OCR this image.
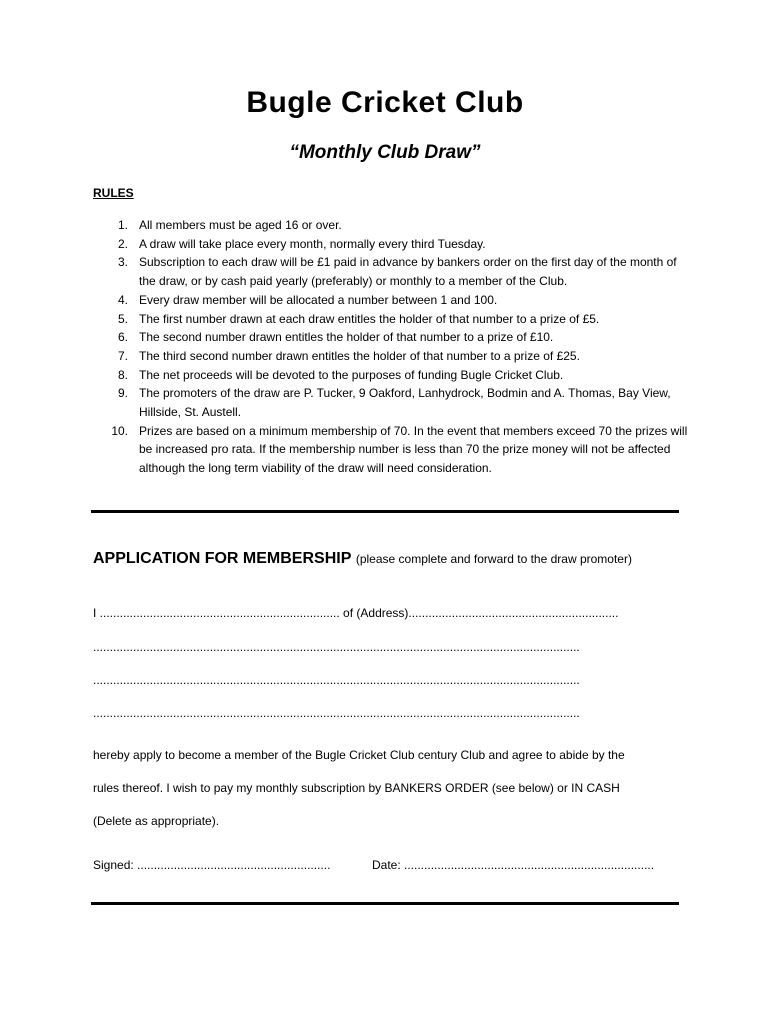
Bugle Cricket Club
“Monthly Club Draw”

RULES

1. All members must be aged 16 or over.
2. A draw will take place every month, normally every third Tuesday.
3. Subscription to each draw will be £1 paid in advance by bankers order on the first day of the month of the draw, or by cash paid yearly (preferably) or monthly to a member of the Club.
4. Every draw member will be allocated a number between 1 and 100.
5. The first number drawn at each draw entitles the holder of that number to a prize of £5.
6. The second number drawn entitles the holder of that number to a prize of £10.
7. The third second number drawn entitles the holder of that number to a prize of £25.
8. The net proceeds will be devoted to the purposes of funding Bugle Cricket Club.
9. The promoters of the draw are P. Tucker, 9 Oakford, Lanhydrock, Bodmin and A. Thomas, Bay View, Hillside, St. Austell.
10. Prizes are based on a minimum membership of 70. In the event that members exceed 70 the prizes will be increased pro rata. If the membership number is less than 70 the prize money will not be affected although the long term viability of the draw will need consideration.

APPLICATION FOR MEMBERSHIP (please complete and forward to the draw promoter)

I ........................................................................ of (Address)...............................................................

..................................................................................................................................................

..................................................................................................................................................

..................................................................................................................................................

hereby apply to become a member of the Bugle Cricket Club century Club and agree to abide by the

rules thereof. I wish to pay my monthly subscription by BANKERS ORDER (see below) or IN CASH

(Delete as appropriate).

Signed: ..........................................................	Date: ...........................................................................
